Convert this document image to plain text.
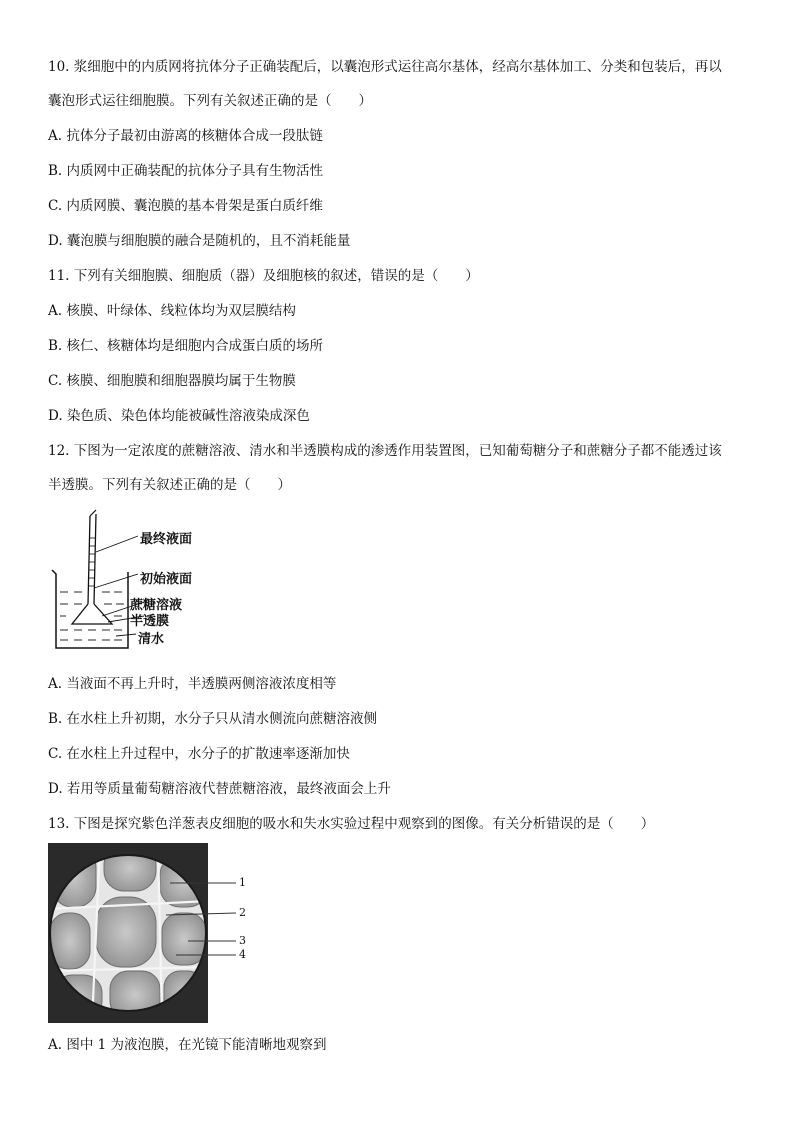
10. 浆细胞中的内质网将抗体分子正确装配后，以囊泡形式运往高尔基体，经高尔基体加工、分类和包装后，再以
囊泡形式运往细胞膜。下列有关叙述正确的是（　　）
A. 抗体分子最初由游离的核糖体合成一段肽链
B. 内质网中正确装配的抗体分子具有生物活性
C. 内质网膜、囊泡膜的基本骨架是蛋白质纤维
D. 囊泡膜与细胞膜的融合是随机的，且不消耗能量
11. 下列有关细胞膜、细胞质（器）及细胞核的叙述，错误的是（　　）
A. 核膜、叶绿体、线粒体均为双层膜结构
B. 核仁、核糖体均是细胞内合成蛋白质的场所
C. 核膜、细胞膜和细胞器膜均属于生物膜
D. 染色质、染色体均能被碱性溶液染成深色
12. 下图为一定浓度的蔗糖溶液、清水和半透膜构成的渗透作用装置图，已知葡萄糖分子和蔗糖分子都不能透过该
半透膜。下列有关叙述正确的是（　　）
最终液面
初始液面
蔗糖溶液
半透膜
清水
A. 当液面不再上升时，半透膜两侧溶液浓度相等
B. 在水柱上升初期，水分子只从清水侧流向蔗糖溶液侧
C. 在水柱上升过程中，水分子的扩散速率逐渐加快
D. 若用等质量葡萄糖溶液代替蔗糖溶液，最终液面会上升
13. 下图是探究紫色洋葱表皮细胞的吸水和失水实验过程中观察到的图像。有关分析错误的是（　　）
1
2
3
4
A. 图中 1 为液泡膜，在光镜下能清晰地观察到
